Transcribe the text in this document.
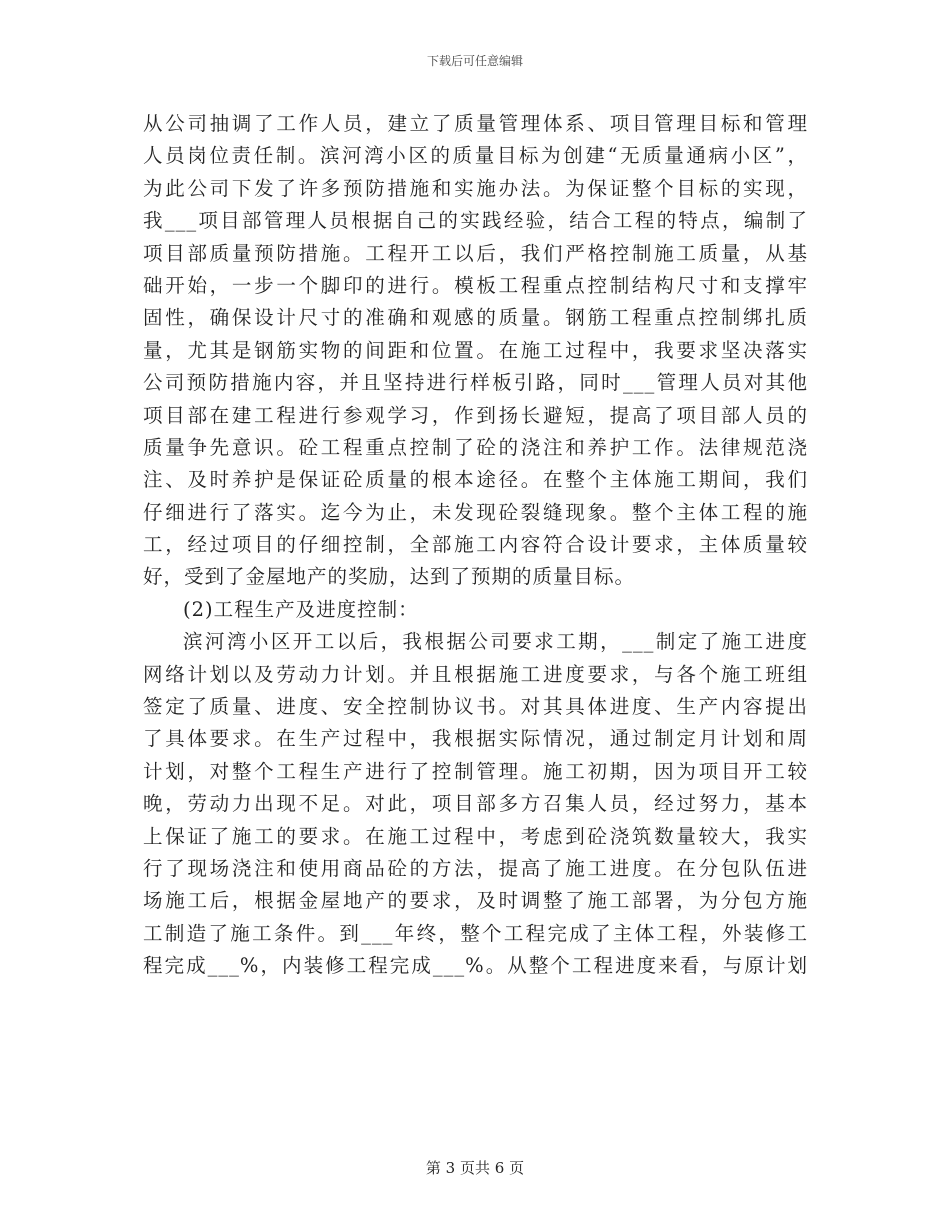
下载后可任意编辑
从公司抽调了工作人员，建立了质量管理体系、项目管理目标和管理
人员岗位责任制。滨河湾小区的质量目标为创建“无质量通病小区”，
为此公司下发了许多预防措施和实施办法。为保证整个目标的实现，
我___项目部管理人员根据自己的实践经验，结合工程的特点，编制了
项目部质量预防措施。工程开工以后，我们严格控制施工质量，从基
础开始，一步一个脚印的进行。模板工程重点控制结构尺寸和支撑牢
固性，确保设计尺寸的准确和观感的质量。钢筋工程重点控制绑扎质
量，尤其是钢筋实物的间距和位置。在施工过程中，我要求坚决落实
公司预防措施内容，并且坚持进行样板引路，同时___管理人员对其他
项目部在建工程进行参观学习，作到扬长避短，提高了项目部人员的
质量争先意识。砼工程重点控制了砼的浇注和养护工作。法律规范浇
注、及时养护是保证砼质量的根本途径。在整个主体施工期间，我们
仔细进行了落实。迄今为止，未发现砼裂缝现象。整个主体工程的施
工，经过项目的仔细控制，全部施工内容符合设计要求，主体质量较
好，受到了金屋地产的奖励，达到了预期的质量目标。
(2)工程生产及进度控制：
滨河湾小区开工以后，我根据公司要求工期，___制定了施工进度
网络计划以及劳动力计划。并且根据施工进度要求，与各个施工班组
签定了质量、进度、安全控制协议书。对其具体进度、生产内容提出
了具体要求。在生产过程中，我根据实际情况，通过制定月计划和周
计划，对整个工程生产进行了控制管理。施工初期，因为项目开工较
晚，劳动力出现不足。对此，项目部多方召集人员，经过努力，基本
上保证了施工的要求。在施工过程中，考虑到砼浇筑数量较大，我实
行了现场浇注和使用商品砼的方法，提高了施工进度。在分包队伍进
场施工后，根据金屋地产的要求，及时调整了施工部署，为分包方施
工制造了施工条件。到___年终，整个工程完成了主体工程，外装修工
程完成___%，内装修工程完成___%。从整个工程进度来看，与原计划
第 3 页共 6 页
